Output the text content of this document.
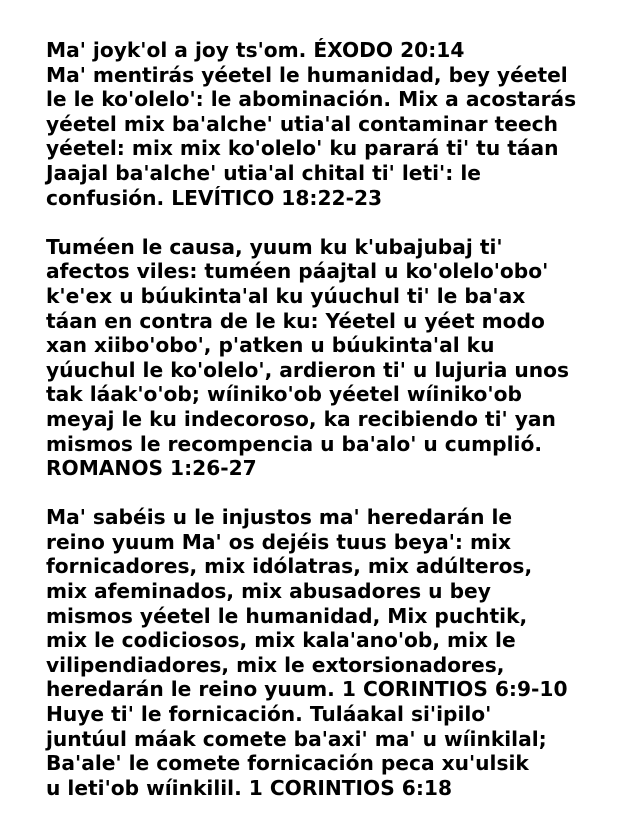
Ma' joyk'ol a joy ts'om. ÉXODO 20:14
Ma' mentirás yéetel le humanidad, bey yéetel
le le ko'olelo': le abominación. Mix a acostarás
yéetel mix ba'alche' utia'al contaminar teech
yéetel: mix mix ko'olelo' ku parará ti' tu táan
Jaajal ba'alche' utia'al chital ti' leti': le
confusión. LEVÍTICO 18:22-23
Tuméen le causa, yuum ku k'ubajubaj ti'
afectos viles: tuméen páajtal u ko'olelo'obo'
k'e'ex u búukinta'al ku yúuchul ti' le ba'ax
táan en contra de le ku: Yéetel u yéet modo
xan xiibo'obo', p'atken u búukinta'al ku
yúuchul le ko'olelo', ardieron ti' u lujuria unos
tak láak'o'ob; wíiniko'ob yéetel wíiniko'ob
meyaj le ku indecoroso, ka recibiendo ti' yan
mismos le recompencia u ba'alo' u cumplió.
ROMANOS 1:26-27
Ma' sabéis u le injustos ma' heredarán le
reino yuum Ma' os dejéis tuus beya': mix
fornicadores, mix idólatras, mix adúlteros,
mix afeminados, mix abusadores u bey
mismos yéetel le humanidad, Mix puchtik,
mix le codiciosos, mix kala'ano'ob, mix le
vilipendiadores, mix le extorsionadores,
heredarán le reino yuum. 1 CORINTIOS 6:9-10
Huye ti' le fornicación. Tuláakal si'ipilo'
juntúul máak comete ba'axi' ma' u wíinkilal;
Ba'ale' le comete fornicación peca xu'ulsik
u leti'ob wíinkilil. 1 CORINTIOS 6:18
